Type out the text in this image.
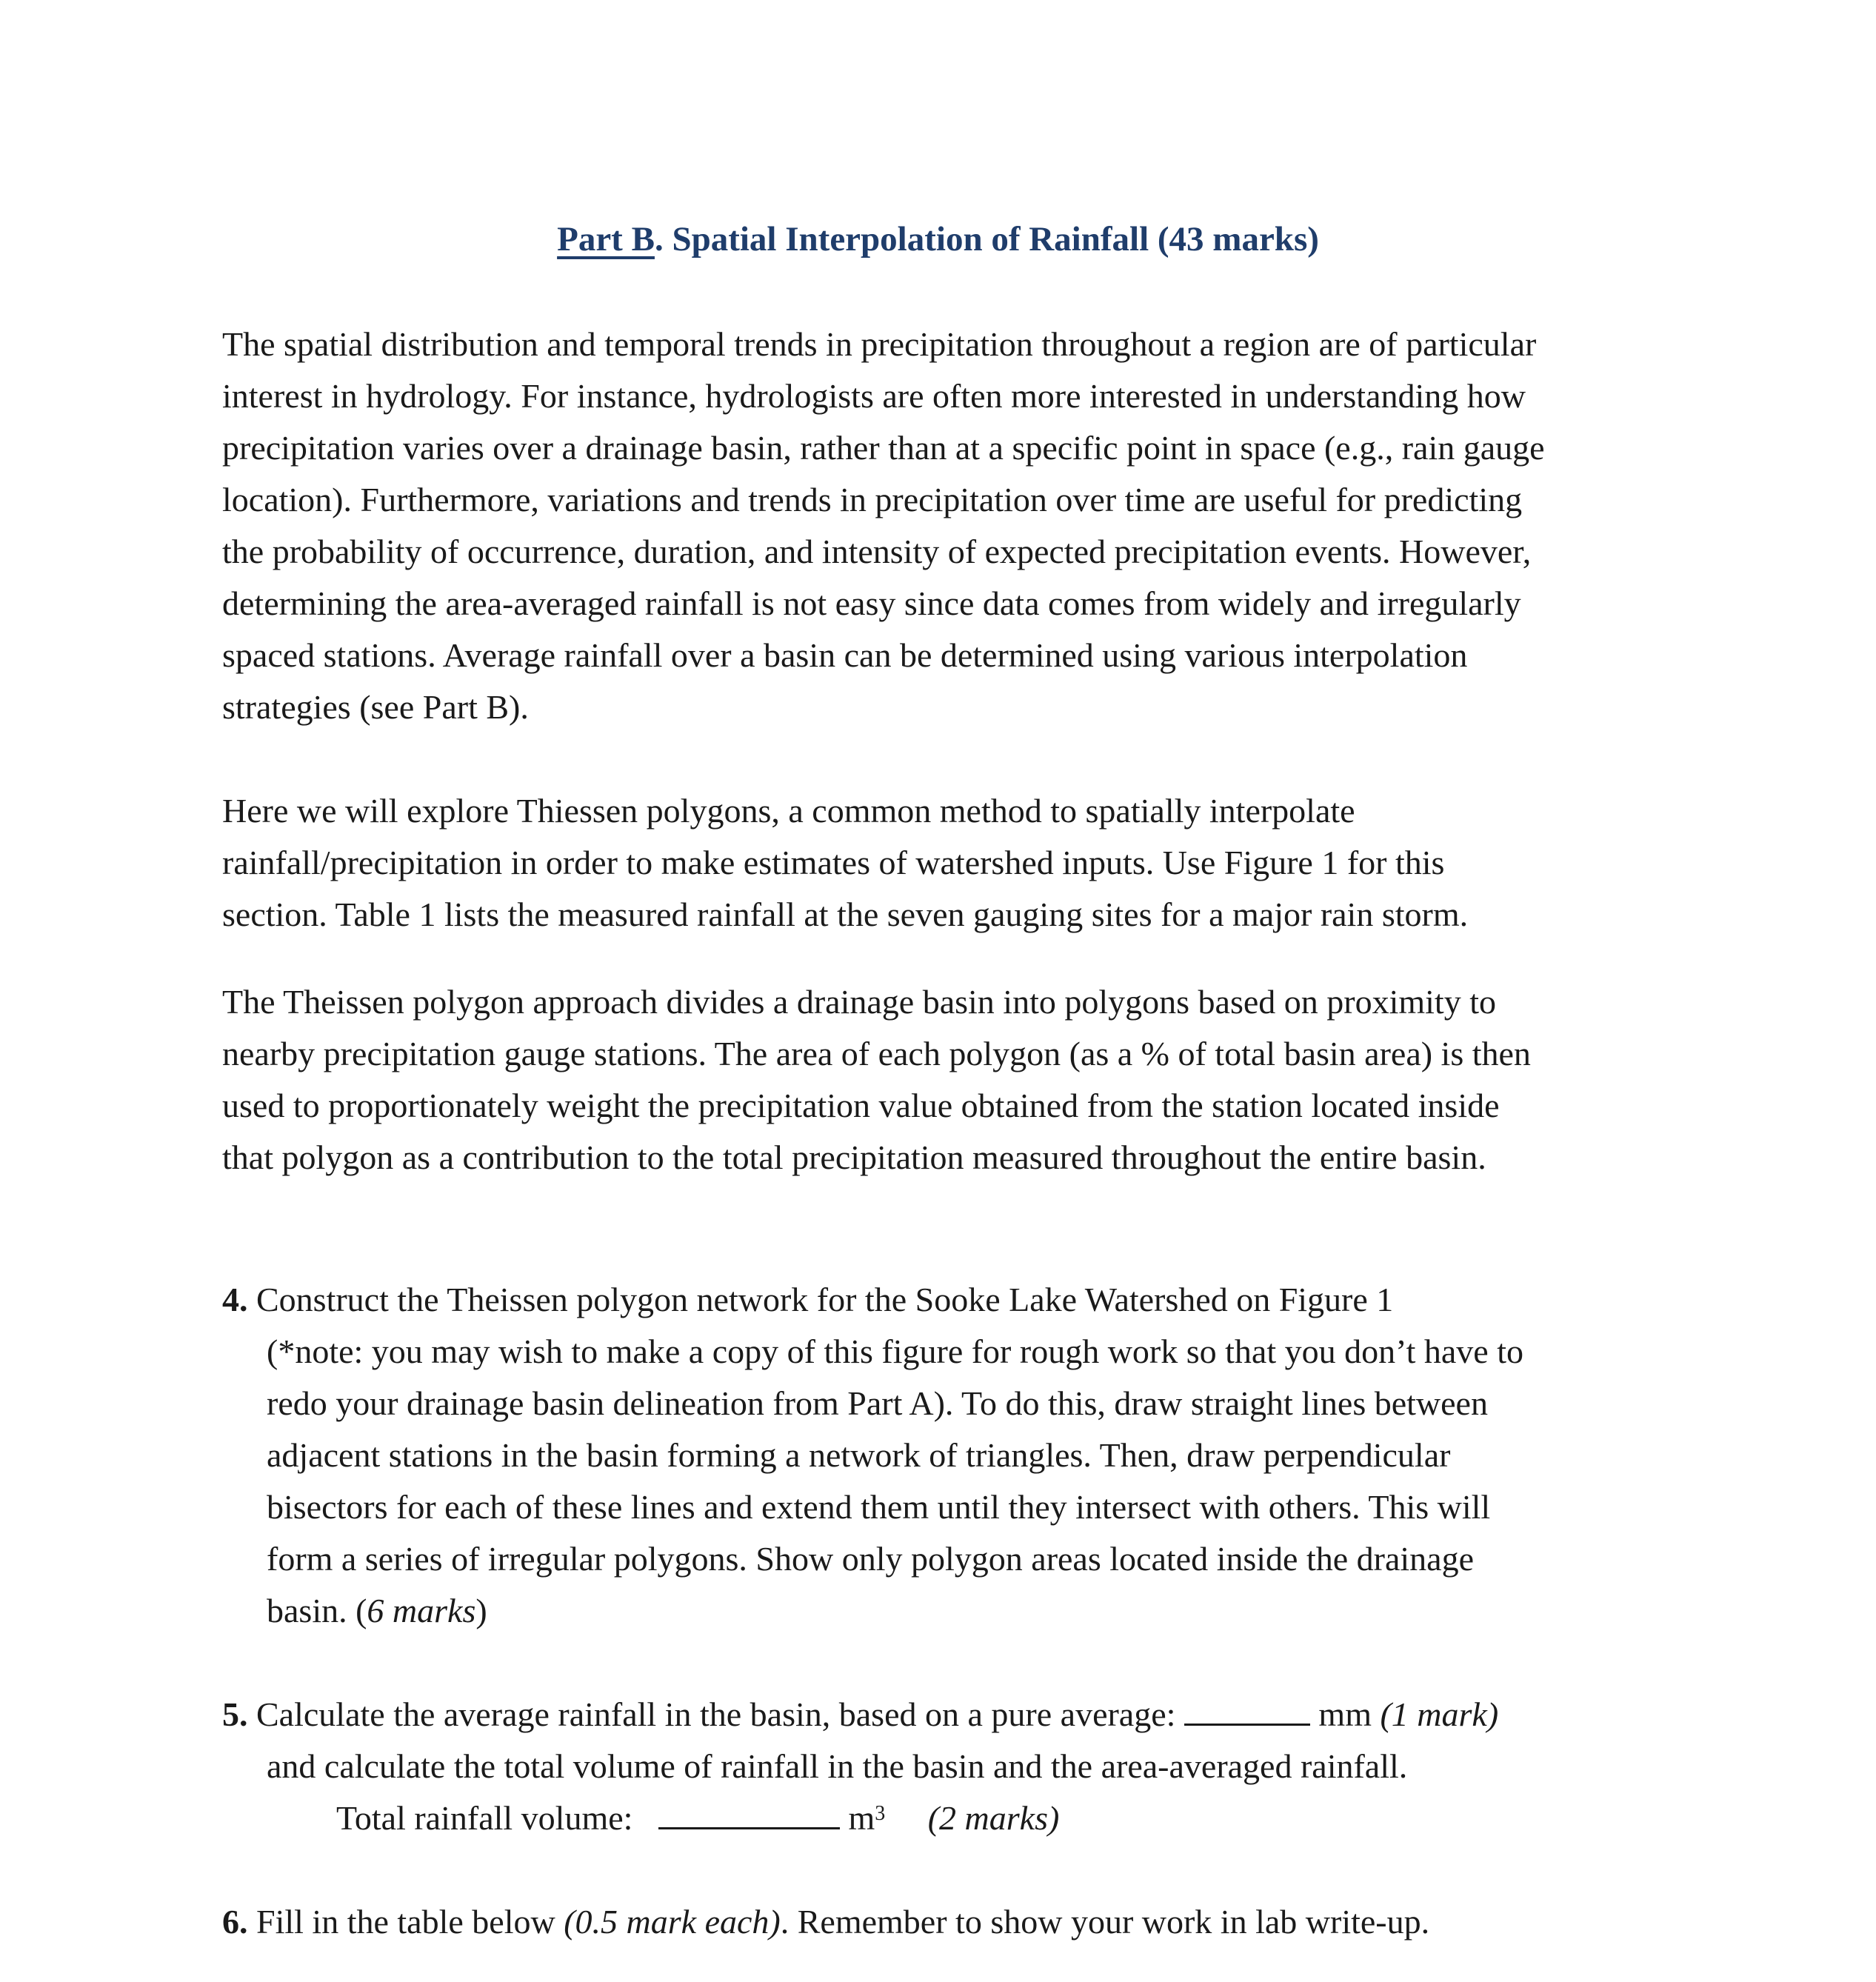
Part B. Spatial Interpolation of Rainfall (43 marks)
The spatial distribution and temporal trends in precipitation throughout a region are of particular
interest in hydrology. For instance, hydrologists are often more interested in understanding how
precipitation varies over a drainage basin, rather than at a specific point in space (e.g., rain gauge
location). Furthermore, variations and trends in precipitation over time are useful for predicting
the probability of occurrence, duration, and intensity of expected precipitation events. However,
determining the area-averaged rainfall is not easy since data comes from widely and irregularly
spaced stations. Average rainfall over a basin can be determined using various interpolation
strategies (see Part B).
Here we will explore Thiessen polygons, a common method to spatially interpolate
rainfall/precipitation in order to make estimates of watershed inputs. Use Figure 1 for this
section. Table 1 lists the measured rainfall at the seven gauging sites for a major rain storm.
The Theissen polygon approach divides a drainage basin into polygons based on proximity to
nearby precipitation gauge stations. The area of each polygon (as a % of total basin area) is then
used to proportionately weight the precipitation value obtained from the station located inside
that polygon as a contribution to the total precipitation measured throughout the entire basin.
4. Construct the Theissen polygon network for the Sooke Lake Watershed on Figure 1
(*note: you may wish to make a copy of this figure for rough work so that you don’t have to
redo your drainage basin delineation from Part A). To do this, draw straight lines between
adjacent stations in the basin forming a network of triangles. Then, draw perpendicular
bisectors for each of these lines and extend them until they intersect with others. This will
form a series of irregular polygons. Show only polygon areas located inside the drainage
basin. (6 marks)
5. Calculate the average rainfall in the basin, based on a pure average:	mm (1 mark)
and calculate the total volume of rainfall in the basin and the area-averaged rainfall.
Total rainfall volume:	$m^3$ (2 marks)
6. Fill in the table below (0.5 mark each). Remember to show your work in lab write-up.
